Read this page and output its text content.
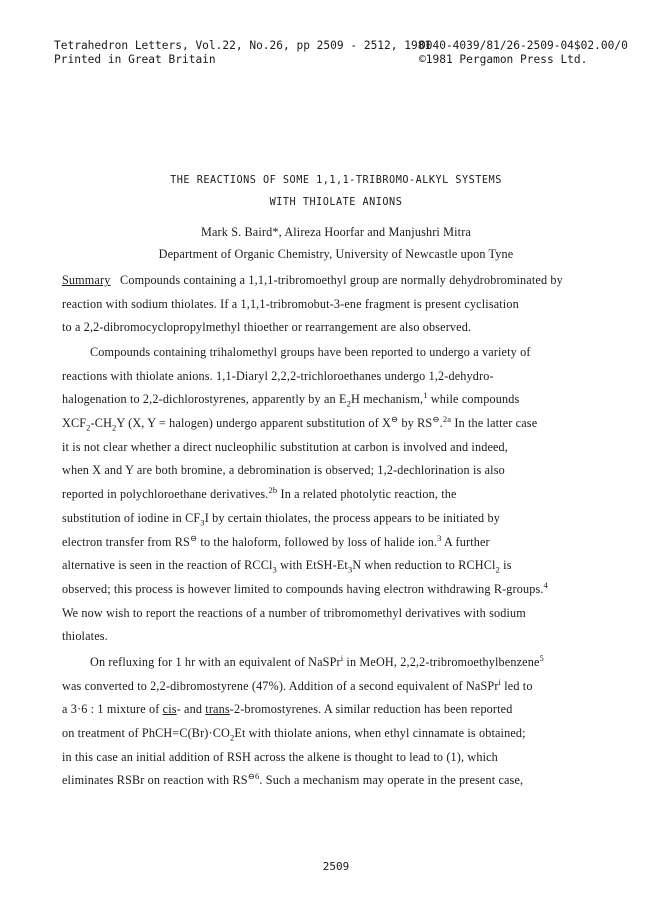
Tetrahedron Letters, Vol.22, No.26, pp 2509 - 2512, 1981
Printed in Great Britain
0040-4039/81/26-2509-04$02.00/0
©1981 Pergamon Press Ltd.
THE REACTIONS OF SOME 1,1,1-TRIBROMO-ALKYL SYSTEMS
WITH THIOLATE ANIONS
Mark S. Baird*, Alireza Hoorfar and Manjushri Mitra
Department of Organic Chemistry, University of Newcastle upon Tyne
Summary Compounds containing a 1,1,1-tribromoethyl group are normally dehydrobrominated by
reaction with sodium thiolates. If a 1,1,1-tribromobut-3-ene fragment is present cyclisation
to a 2,2-dibromocyclopropylmethyl thioether or rearrangement are also observed.
Compounds containing trihalomethyl groups have been reported to undergo a variety of
reactions with thiolate anions. 1,1-Diaryl 2,2,2-trichloroethanes undergo 1,2-dehydro-
halogenation to 2,2-dichlorostyrenes, apparently by an $E_2H$ mechanism,$^1$ while compounds
$XCF_2-CH_2Y$ (X, Y = halogen) undergo apparent substitution of X⊖ by RS⊖.$^{2a}$ In the latter case
it is not clear whether a direct nucleophilic substitution at carbon is involved and indeed,
when X and Y are both bromine, a debromination is observed; 1,2-dechlorination is also
reported in polychloroethane derivatives.$^{2b}$ In a related photolytic reaction, the
substitution of iodine in $CF_3I$ by certain thiolates, the process appears to be initiated by
electron transfer from RS⊖ to the haloform, followed by loss of halide ion.$^3$ A further
alternative is seen in the reaction of RCCl$_3$ with EtSH-$Et_3N$ when reduction to RCHCl$_2$ is
observed; this process is however limited to compounds having electron withdrawing R-groups.$^4$
We now wish to report the reactions of a number of tribromomethyl derivatives with sodium
thiolates.
On refluxing for 1 hr with an equivalent of NaSPr$^i$ in MeOH, 2,2,2-tribromoethylbenzene$^5$
was converted to 2,2-dibromostyrene (47%). Addition of a second equivalent of NaSPr$^i$ led to
a 3·6 : 1 mixture of cis- and trans-2-bromostyrenes. A similar reduction has been reported
on treatment of $PhCH=C(Br)\cdot CO_2Et$ with thiolate anions, when ethyl cinnamate is obtained;
in this case an initial addition of RSH across the alkene is thought to lead to (1), which
eliminates RSBr on reaction with $RS^{⊖6}$. Such a mechanism may operate in the present case,
2509
